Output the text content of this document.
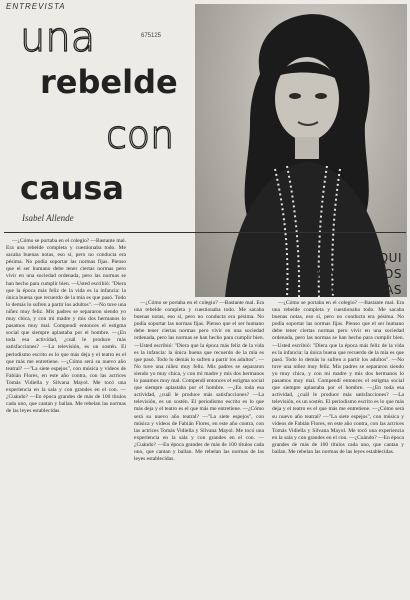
ENTREVISTA
675125
una
rebelde
con
causa
Isabel Allende
AQUI
CONVERSAMOS
NOSOTRAS

—¿Cómo se portaba en el colegio? —Bastante mal. Era una rebelde completa y cuestionaba todo. Me sacaba buenas notas, eso sí, pero no conducta era pésima. No podía soportar las normas fijas. Pienso que el ser humano debe tener ciertas normas pero vivir en una sociedad ordenada, pero las normas se han hecho para cumplir bien. —Usted escribió: "Diera que la época más feliz de la vida es la infancia: la única buena que recuerdo de la mía es que pasó. Todo lo demás lo sufren a partir los adultos". —No tuve una niñez muy feliz. Mis padres se separaron siendo yo muy chica, y con mi madre y mis dos hermanos lo pasamos muy mal. Compendí entonces el estigma social que siempre aplastaba por el hombre. —¿En toda esa actividad, ¿cuál le produce más satisfacciones? —La televisión, es un sostén. El periodismo escrito es lo que más deja y el teatro es el que más me entretiene. —¿Cómo será su nuevo año teatral? —"La siete espejos", con música y vídeos de Fabián Flores, en este año contra, con las actrices Tomás Vidiella y Silvana Mayol. Me tocó una experiencia en la sala y con grandes en el con. —¿Cuándo? —En época grandes de más de 100 títulos cada uno, que cantan y bailan. Me rebelan las normas de las leyes establecidas.

—¿Cómo se portaba en el colegio? —Bastante mal. Era una rebelde completa y cuestionaba todo. Me sacaba buenas notas, eso sí, pero no conducta era pésima. No podía soportar las normas fijas. Pienso que el ser humano debe tener ciertas normas pero vivir en una sociedad ordenada, pero las normas se han hecho para cumplir bien. —Usted escribió: "Diera que la época más feliz de la vida es la infancia: la única buena que recuerdo de la mía es que pasó. Todo lo demás lo sufren a partir los adultos". —No tuve una niñez muy feliz. Mis padres se separaron siendo yo muy chica, y con mi madre y mis dos hermanos lo pasamos muy mal. Compendí entonces el estigma social que siempre aplastaba por el hombre. —¿En toda esa actividad, ¿cuál le produce más satisfacciones? —La televisión, es un sostén. El periodismo escrito es lo que más deja y el teatro es el que más me entretiene. —¿Cómo será su nuevo año teatral? —"La siete espejos", con música y vídeos de Fabián Flores, en este año contra, con las actrices Tomás Vidiella y Silvana Mayol. Me tocó una experiencia en la sala y con grandes en el con. —¿Cuándo? —En época grandes de más de 100 títulos cada uno, que cantan y bailan. Me rebelan las normas de las leyes establecidas.

—¿Cómo se portaba en el colegio? —Bastante mal. Era una rebelde completa y cuestionaba todo. Me sacaba buenas notas, eso sí, pero no conducta era pésima. No podía soportar las normas fijas. Pienso que el ser humano debe tener ciertas normas pero vivir en una sociedad ordenada, pero las normas se han hecho para cumplir bien. —Usted escribió: "Diera que la época más feliz de la vida es la infancia: la única buena que recuerdo de la mía es que pasó. Todo lo demás lo sufren a partir los adultos". —No tuve una niñez muy feliz. Mis padres se separaron siendo yo muy chica, y con mi madre y mis dos hermanos lo pasamos muy mal. Compendí entonces el estigma social que siempre aplastaba por el hombre. —¿En toda esa actividad, ¿cuál le produce más satisfacciones? —La televisión, es un sostén. El periodismo escrito es lo que más deja y el teatro es el que más me entretiene. —¿Cómo será su nuevo año teatral? —"La siete espejos", con música y vídeos de Fabián Flores, en este año contra, con las actrices Tomás Vidiella y Silvana Mayol. Me tocó una experiencia en la sala y con grandes en el con. —¿Cuándo? —En época grandes de más de 100 títulos cada uno, que cantan y bailan. Me rebelan las normas de las leyes establecidas.
